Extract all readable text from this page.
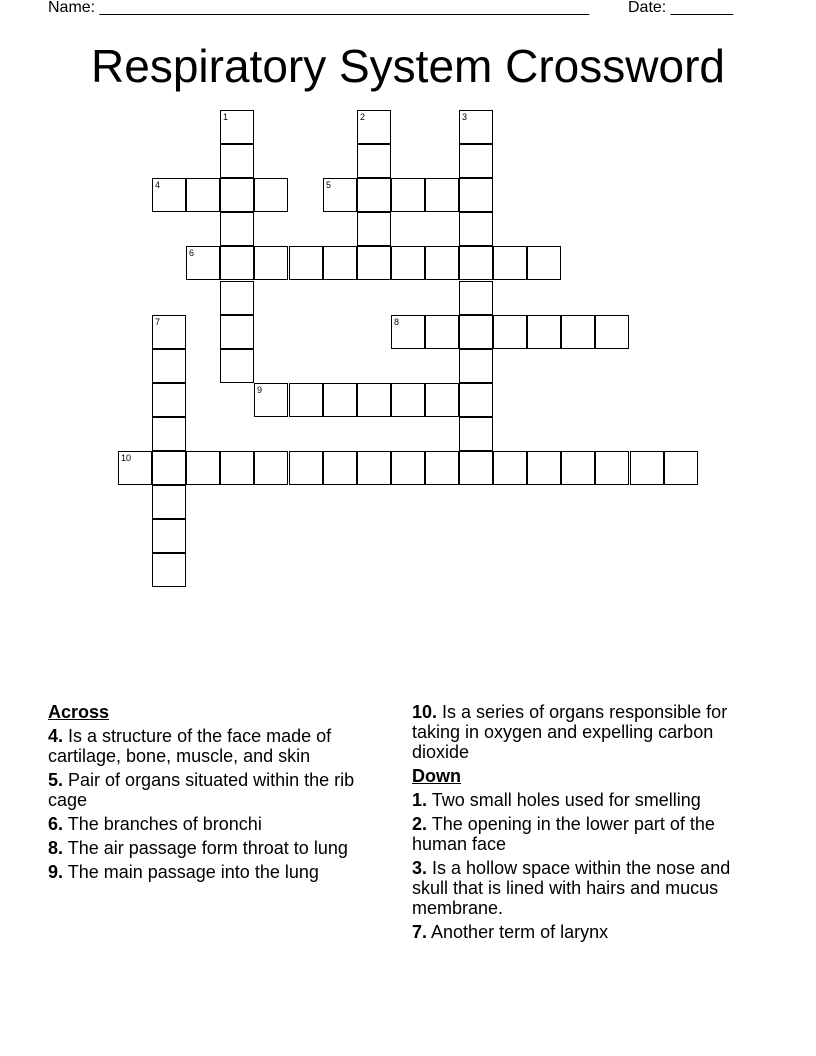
Name: _______________________________________________________ Date: _______
Respiratory System Crossword
1	2	3
4	5
6
7	8
9
10
Across
4. Is a structure of the face made of cartilage, bone, muscle, and skin
5. Pair of organs situated within the rib cage
6. The branches of bronchi
8. The air passage form throat to lung
9. The main passage into the lung
10. Is a series of organs responsible for taking in oxygen and expelling carbon dioxide
Down
1. Two small holes used for smelling
2. The opening in the lower part of the human face
3. Is a hollow space within the nose and skull that is lined with hairs and mucus membrane.
7. Another term of larynx
